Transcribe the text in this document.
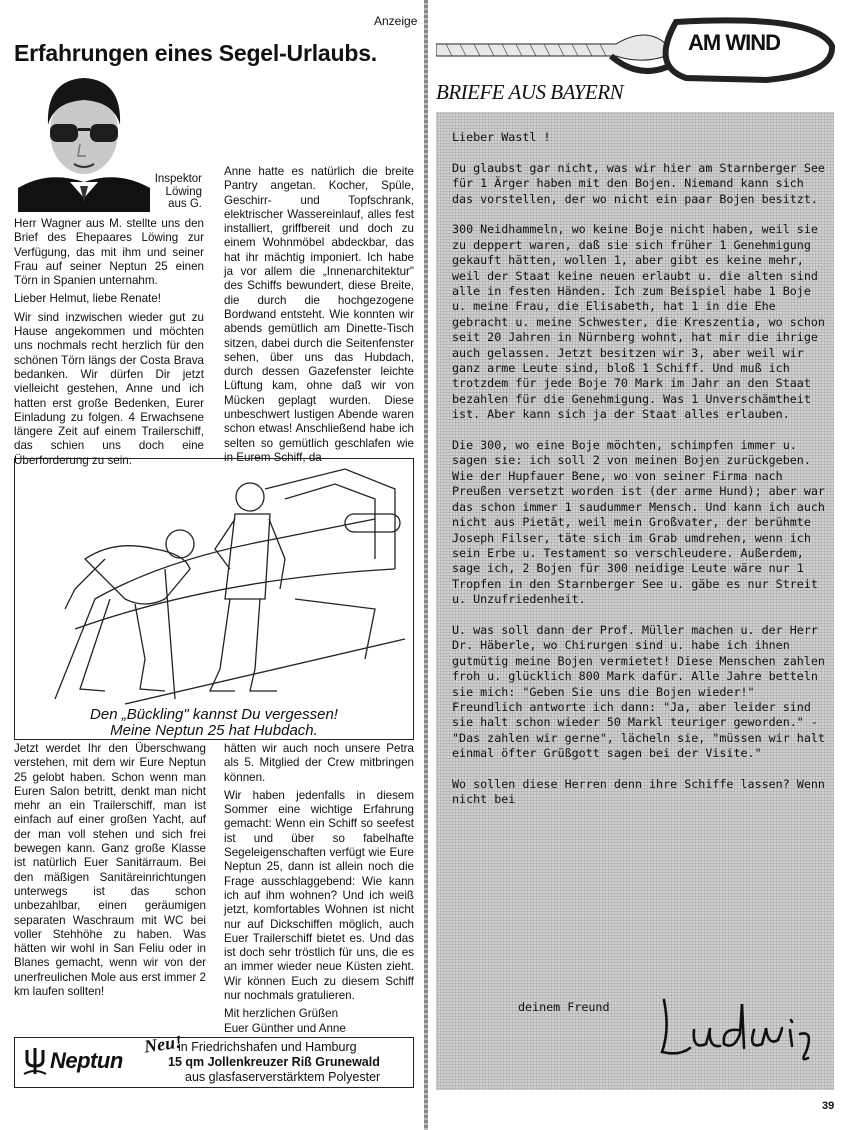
Anzeige
Erfahrungen eines Segel-Urlaubs.
Inspektor
Löwing
aus G.

Herr Wagner aus M. stellte uns den Brief des Ehepaares Löwing zur Verfügung, das mit ihm und seiner Frau auf seiner Neptun 25 einen Törn in Spanien unternahm.

Lieber Helmut, liebe Renate!

Wir sind inzwischen wieder gut zu Hause angekommen und möchten uns nochmals recht herzlich für den schönen Törn längs der Costa Brava bedanken. Wir dürfen Dir jetzt vielleicht gestehen, Anne und ich hatten erst große Bedenken, Eurer Einladung zu folgen. 4 Erwachsene längere Zeit auf einem Trailerschiff, das schien uns doch eine Überforderung zu sein.

Anne hatte es natürlich die breite Pantry angetan. Kocher, Spüle, Geschirr- und Topfschrank, elektrischer Wassereinlauf, alles fest installiert, griffbereit und doch zu einem Wohnmöbel abdeckbar, das hat ihr mächtig imponiert. Ich habe ja vor allem die „Innenarchitektur" des Schiffs bewundert, diese Breite, die durch die hochgezogene Bordwand entsteht. Wie konnten wir abends gemütlich am Dinette-Tisch sitzen, dabei durch die Seitenfenster sehen, über uns das Hubdach, durch dessen Gazefenster leichte Lüftung kam, ohne daß wir von Mücken geplagt wurden. Diese unbeschwert lustigen Abende waren schon etwas! Anschließend habe ich selten so gemütlich geschlafen wie in Eurem Schiff, da

Den „Bückling" kannst Du vergessen!
Meine Neptun 25 hat Hubdach.

Jetzt werdet Ihr den Überschwang verstehen, mit dem wir Eure Neptun 25 gelobt haben. Schon wenn man Euren Salon betritt, denkt man nicht mehr an ein Trailerschiff, man ist einfach auf einer großen Yacht, auf der man voll stehen und sich frei bewegen kann. Ganz große Klasse ist natürlich Euer Sanitärraum. Bei den mäßigen Sanitäreinrichtungen unterwegs ist das schon unbezahlbar, einen geräumigen separaten Waschraum mit WC bei voller Stehhöhe zu haben. Was hätten wir wohl in San Feliu oder in Blanes gemacht, wenn wir von der unerfreulichen Mole aus erst immer 2 km laufen sollten!

hätten wir auch noch unsere Petra als 5. Mitglied der Crew mitbringen können.

Wir haben jedenfalls in diesem Sommer eine wichtige Erfahrung gemacht: Wenn ein Schiff so seefest ist und über so fabelhafte Segeleigenschaften verfügt wie Eure Neptun 25, dann ist allein noch die Frage ausschlaggebend: Wie kann ich auf ihm wohnen? Und ich weiß jetzt, komfortables Wohnen ist nicht nur auf Dickschiffen möglich, auch Euer Trailerschiff bietet es. Und das ist doch sehr tröstlich für uns, die es an immer wieder neue Küsten zieht. Wir können Euch zu diesem Schiff nur nochmals gratulieren.

Mit herzlichen Grüßen
Euer Günther und Anne

Neptun
Neu!
in Friedrichshafen und Hamburg
15 qm Jollenkreuzer Riß Grunewald
aus glasfaserverstärktem Polyester
AM WIND
BRIEFE AUS BAYERN

Lieber Wastl !

Du glaubst gar nicht, was wir hier am Starnberger See für 1 Ärger haben mit den Bojen. Niemand kann sich das vorstellen, der wo nicht ein paar Bojen besitzt.

300 Neidhammeln, wo keine Boje nicht haben, weil sie zu deppert waren, daß sie sich früher 1 Genehmigung gekauft hätten, wollen 1, aber gibt es keine mehr, weil der Staat keine neuen erlaubt u. die alten sind alle in festen Händen. Ich zum Beispiel habe 1 Boje u. meine Frau, die Elisabeth, hat 1 in die Ehe gebracht u. meine Schwester, die Kreszentia, wo schon seit 20 Jahren in Nürnberg wohnt, hat mir die ihrige auch gelassen. Jetzt besitzen wir 3, aber weil wir ganz arme Leute sind, bloß 1 Schiff. Und muß ich trotzdem für jede Boje 70 Mark im Jahr an den Staat bezahlen für die Genehmigung. Was 1 Unverschämtheit ist. Aber kann sich ja der Staat alles erlauben.

Die 300, wo eine Boje möchten, schimpfen immer u. sagen sie: ich soll 2 von meinen Bojen zurückgeben. Wie der Hupfauer Bene, wo von seiner Firma nach Preußen versetzt worden ist (der arme Hund); aber war das schon immer 1 saudummer Mensch. Und kann ich auch nicht aus Pietät, weil mein Großvater, der berühmte Joseph Filser, täte sich im Grab umdrehen, wenn ich sein Erbe u. Testament so verschleudere. Außerdem, sage ich, 2 Bojen für 300 neidige Leute wäre nur 1 Tropfen in den Starnberger See u. gäbe es nur Streit u. Unzufriedenheit.

U. was soll dann der Prof. Müller machen u. der Herr Dr. Häberle, wo Chirurgen sind u. habe ich ihnen gutmütig meine Bojen vermietet! Diese Menschen zahlen froh u. glücklich 800 Mark dafür. Alle Jahre betteln sie mich: "Geben Sie uns die Bojen wieder!" Freundlich antworte ich dann: "Ja, aber leider sind sie halt schon wieder 50 Markl teuriger geworden." - "Das zahlen wir gerne", lächeln sie, "müssen wir halt einmal öfter Grüßgott sagen bei der Visite."

Wo sollen diese Herren denn ihre Schiffe lassen? Wenn nicht bei

deinem Freund
39
